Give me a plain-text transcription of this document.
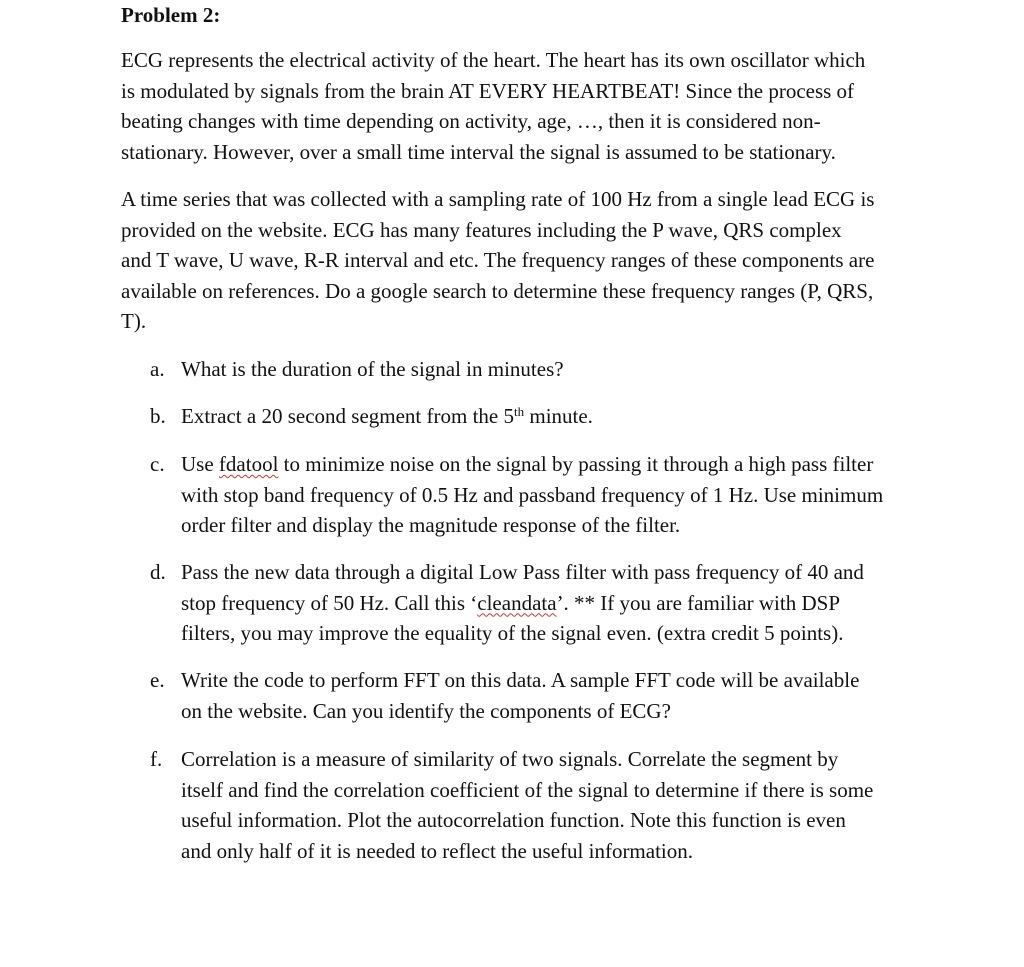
Problem 2:
ECG represents the electrical activity of the heart. The heart has its own oscillator which
is modulated by signals from the brain AT EVERY HEARTBEAT! Since the process of
beating changes with time depending on activity, age, …, then it is considered non-
stationary. However, over a small time interval the signal is assumed to be stationary.
A time series that was collected with a sampling rate of 100 Hz from a single lead ECG is
provided on the website. ECG has many features including the P wave, QRS complex
and T wave, U wave, R-R interval and etc. The frequency ranges of these components are
available on references. Do a google search to determine these frequency ranges (P, QRS,
T).
a. What is the duration of the signal in minutes?
b. Extract a 20 second segment from the 5th minute.
c. Use fdatool to minimize noise on the signal by passing it through a high pass filter
with stop band frequency of 0.5 Hz and passband frequency of 1 Hz. Use minimum
order filter and display the magnitude response of the filter.
d. Pass the new data through a digital Low Pass filter with pass frequency of 40 and
stop frequency of 50 Hz. Call this ‘cleandata’. ** If you are familiar with DSP
filters, you may improve the equality of the signal even. (extra credit 5 points).
e. Write the code to perform FFT on this data. A sample FFT code will be available
on the website. Can you identify the components of ECG?
f. Correlation is a measure of similarity of two signals. Correlate the segment by
itself and find the correlation coefficient of the signal to determine if there is some
useful information. Plot the autocorrelation function. Note this function is even
and only half of it is needed to reflect the useful information.
